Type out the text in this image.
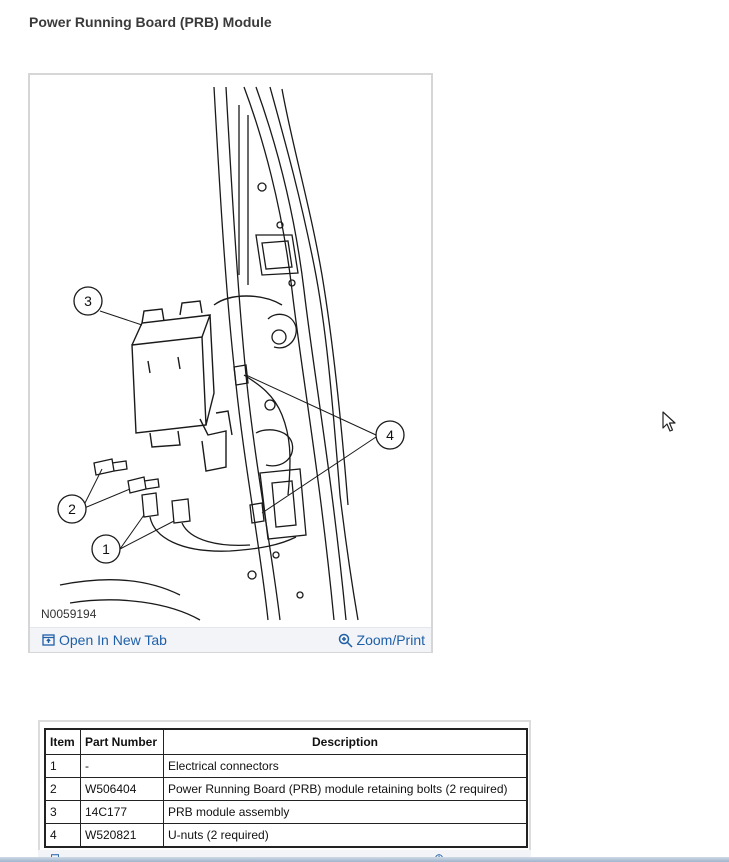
Power Running Board (PRB) Module
3
4
2
1
N0059194
Open In New Tab	Zoom/Print
Item	Part Number	Description
1	-	Electrical connectors
2	W506404	Power Running Board (PRB) module retaining bolts (2 required)
3	14C177	PRB module assembly
4	W520821	U-nuts (2 required)
